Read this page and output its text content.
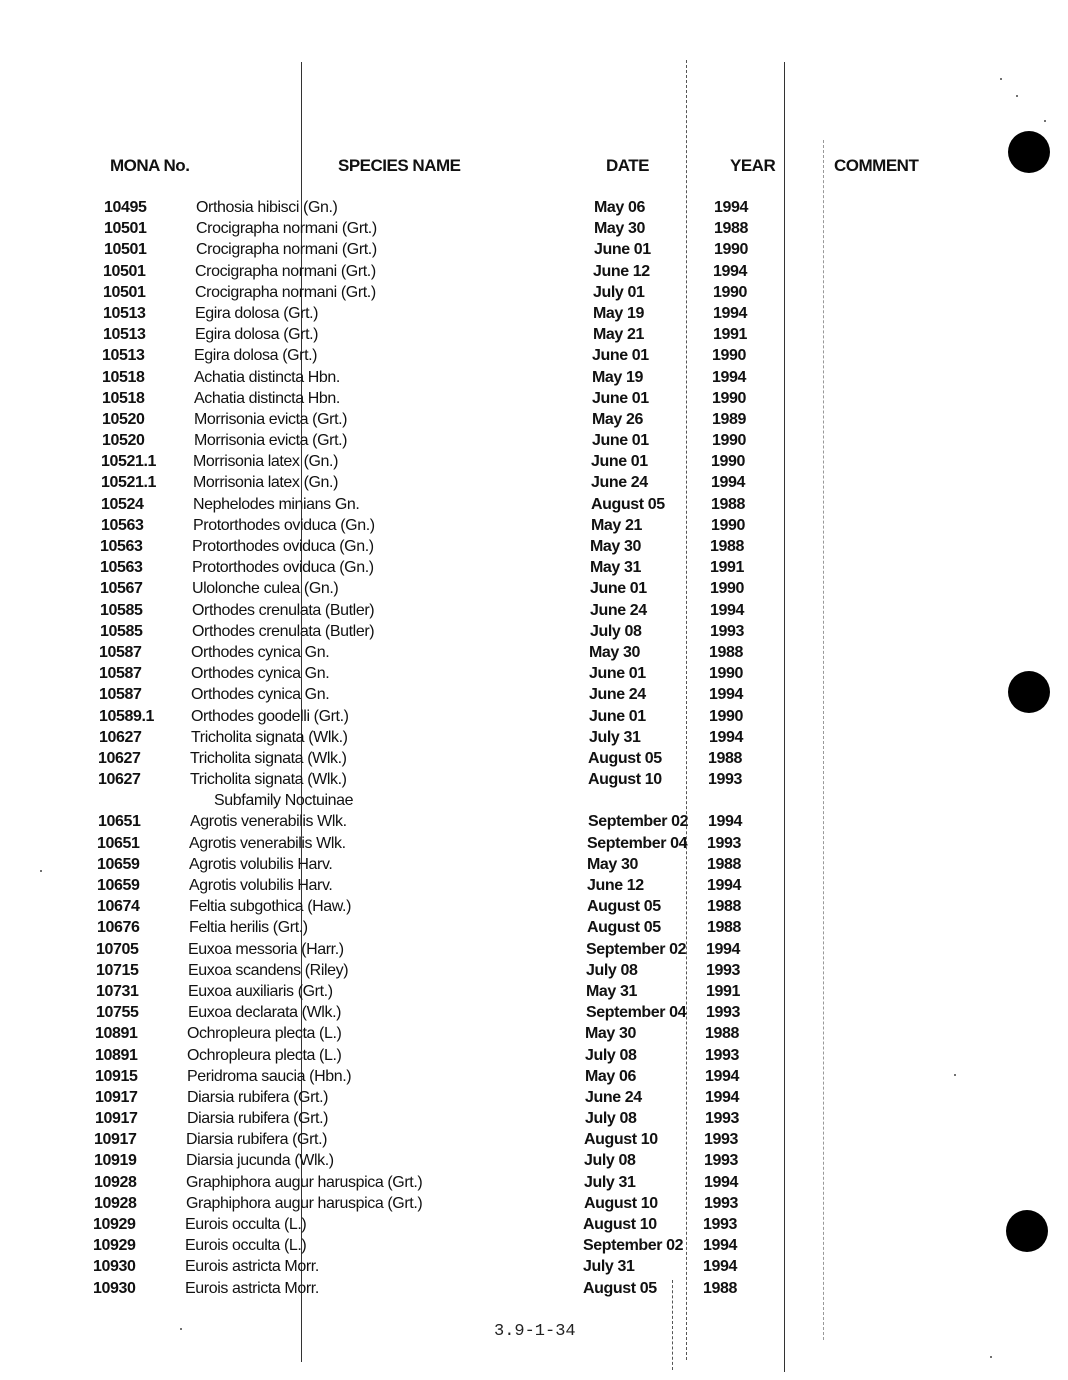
MONA No.	SPECIES NAME	DATE	YEAR	COMMENT
10495	Orthosia hibisci (Gn.)	May 06	1994
10501	Crocigrapha normani (Grt.)	May 30	1988
10501	Crocigrapha normani (Grt.)	June 01	1990
10501	Crocigrapha normani (Grt.)	June 12	1994
10501	Crocigrapha normani (Grt.)	July 01	1990
10513	Egira dolosa (Grt.)	May 19	1994
10513	Egira dolosa (Grt.)	May 21	1991
10513	Egira dolosa (Grt.)	June 01	1990
10518	Achatia distincta Hbn.	May 19	1994
10518	Achatia distincta Hbn.	June 01	1990
10520	Morrisonia evicta (Grt.)	May 26	1989
10520	Morrisonia evicta (Grt.)	June 01	1990
10521.1 Morrisonia latex (Gn.)	June 01	1990
10521.1 Morrisonia latex (Gn.)	June 24	1994
10524	Nephelodes minians Gn.	August 05	1988
10563	Protorthodes oviduca (Gn.)	May 21	1990
10563	Protorthodes oviduca (Gn.)	May 30	1988
10563	Protorthodes oviduca (Gn.)	May 31	1991
10567	Ulolonche culea (Gn.)	June 01	1990
10585	Orthodes crenulata (Butler)	June 24	1994
10585	Orthodes crenulata (Butler)	July 08	1993
10587	Orthodes cynica Gn.	May 30	1988
10587	Orthodes cynica Gn.	June 01	1990
10587	Orthodes cynica Gn.	June 24	1994
10589.1 Orthodes goodelli (Grt.)	June 01	1990
10627	Tricholita signata (Wlk.)	July 31	1994
10627	Tricholita signata (Wlk.)	August 05	1988
10627	Tricholita signata (Wlk.)	August 10	1993
Subfamily Noctuinae
10651	Agrotis venerabilis Wlk.	September 02 1994
10651	Agrotis venerabilis Wlk.	September 04 1993
10659	Agrotis volubilis Harv.	May 30	1988
10659	Agrotis volubilis Harv.	June 12	1994
10674	Feltia subgothica (Haw.)	August 05	1988
10676	Feltia herilis (Grt.)	August 05	1988
10705	Euxoa messoria (Harr.)	September 02 1994
10715	Euxoa scandens (Riley)	July 08	1993
10731	Euxoa auxiliaris (Grt.)	May 31	1991
10755	Euxoa declarata (Wlk.)	September 04 1993
10891	Ochropleura plecta (L.)	May 30	1988
10891	Ochropleura plecta (L.)	July 08	1993
10915	Peridroma saucia (Hbn.)	May 06	1994
10917	Diarsia rubifera (Grt.)	June 24	1994
10917	Diarsia rubifera (Grt.)	July 08	1993
10917	Diarsia rubifera (Grt.)	August 10	1993
10919	Diarsia jucunda (Wlk.)	July 08	1993
10928	Graphiphora augur haruspica (Grt.)	July 31	1994
10928	Graphiphora augur haruspica (Grt.)	August 10	1993
10929	Eurois occulta (L.)	August 10	1993
10929	Eurois occulta (L.)	September 02 1994
10930	Eurois astricta Morr.	July 31	1994
10930	Eurois astricta Morr.	August 05	1988
3.9-1-34
